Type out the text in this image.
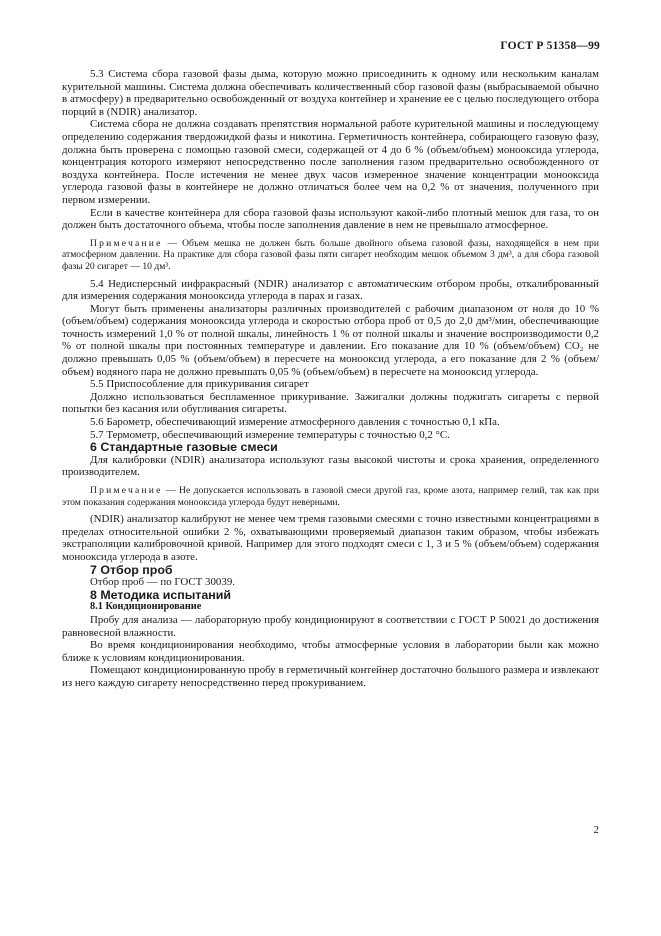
ГОСТ Р 51358—99

5.3 Система сбора газовой фазы дыма, которую можно присоединить к одному или нескольким каналам курительной машины. Система должна обеспечивать количественный сбор газовой фазы (выбрасываемой обычно в атмосферу) в предварительно освобожденный от воздуха контейнер и хранение ее с целью последующего отбора порций в (NDIR) анализатор.

Система сбора не должна создавать препятствия нормальной работе курительной машины и последующему определению содержания твердожидкой фазы и никотина. Герметичность контейнера, собирающего газовую фазу, должна быть проверена с помощью газовой смеси, содержащей от 4 до 6 % (объем/объем) монооксида углерода, концентрация которого измеряют непосредственно после заполнения газом предварительно освобожденного от воздуха контейнера. После истечения не менее двух часов измеренное значение концентрации монооксида углерода газовой фазы в контейнере не должно отличаться более чем на 0,2 % от значения, полученного при первом измерении.

Если в качестве контейнера для сбора газовой фазы используют какой-либо плотный мешок для газа, то он должен быть достаточного объема, чтобы после заполнения давление в нем не превышало атмосферное.

Примечание — Объем мешка не должен быть больше двойного объема газовой фазы, находящейся в нем при атмосферном давлении. На практике для сбора газовой фазы пяти сигарет необходим мешок объемом 3 дм³, а для сбора газовой фазы 20 сигарет — 10 дм³.

5.4 Недисперсный инфракрасный (NDIR) анализатор с автоматическим отбором пробы, откалиброванный для измерения содержания монооксида углерода в парах и газах.

Могут быть применены анализаторы различных производителей с рабочим диапазоном от ноля до 10 % (объем/объем) содержания монооксида углерода и скоростью отбора проб от 0,5 до 2,0 дм³/мин, обеспечивающие точность измерений 1,0 % от полной шкалы, линейность 1 % от полной шкалы и значение воспроизводимости 0,2 % от полной шкалы при постоянных температуре и давлении. Его показание для 10 % (объем/объем) CO₂ не должно превышать 0,05 % (объем/объем) в пересчете на монооксид углерода, а его показание для 2 % (объем/объем) водяного пара не должно превышать 0,05 % (объем/объем) в пересчете на монооксид углерода.

5.5 Приспособление для прикуривания сигарет

Должно использоваться беспламенное прикуривание. Зажигалки должны поджигать сигареты с первой попытки без касания или обугливания сигареты.

5.6 Барометр, обеспечивающий измерение атмосферного давления с точностью 0,1 кПа.

5.7 Термометр, обеспечивающий измерение температуры с точностью 0,2 °С.

6 Стандартные газовые смеси

Для калибровки (NDIR) анализатора используют газы высокой чистоты и срока хранения, определенного производителем.

Примечание — Не допускается использовать в газовой смеси другой газ, кроме азота, например гелий, так как при этом показания содержания монооксида углерода будут неверными.

(NDIR) анализатор калибруют не менее чем тремя газовыми смесями с точно известными концентрациями в пределах относительной ошибки 2 %, охватывающими проверяемый диапазон таким образом, чтобы избежать экстраполяции калибровочной кривой. Например для этого подходят смеси с 1, 3 и 5 % (объем/объем) содержания монооксида углерода в азоте.

7 Отбор проб

Отбор проб — по ГОСТ 30039.

8 Методика испытаний

8.1 Кондиционирование

Пробу для анализа — лабораторную пробу кондиционируют в соответствии с ГОСТ Р 50021 до достижения равновесной влажности.

Во время кондиционирования необходимо, чтобы атмосферные условия в лаборатории были как можно ближе к условиям кондиционирования.

Помещают кондиционированную пробу в герметичный контейнер достаточно большого размера и извлекают из него каждую сигарету непосредственно перед прокуриванием.

2
